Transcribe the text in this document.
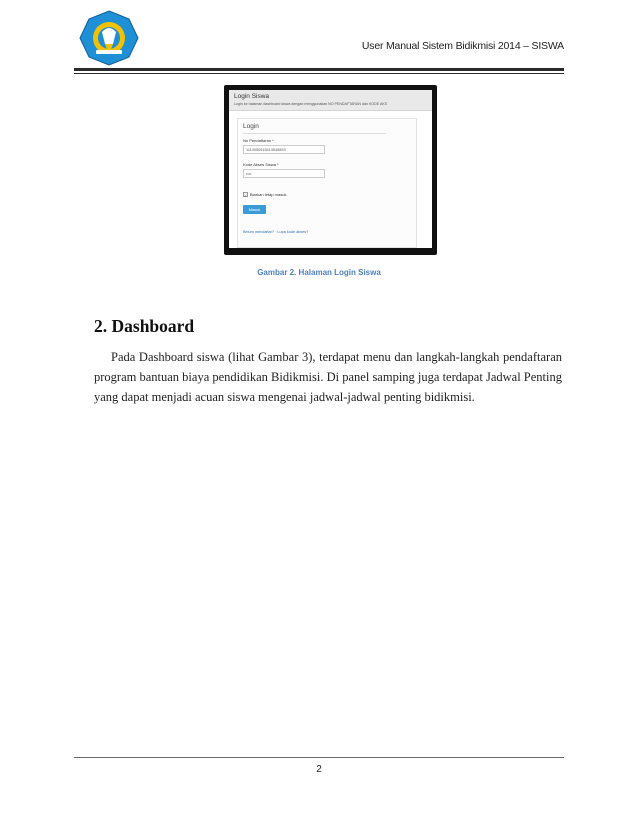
User Manual Sistem Bidikmisi 2014 – SISWA
Login Siswa
Login ke halaman dashboard siswa dengan menggunakan NO PENDAFTARAN dan KODE AKS
Login
No Pendaftaran *
1114050915413545853
Kode Akses Siswa *
••••
✓ Biarkan tetap masuk
Masuk
Belum mendaftar? · Lupa kode akses?
Gambar 2. Halaman Login Siswa
2. Dashboard
Pada Dashboard siswa (lihat Gambar 3), terdapat menu dan langkah-langkah pendaftaran program bantuan biaya pendidikan Bidikmisi. Di panel samping juga terdapat Jadwal Penting yang dapat menjadi acuan siswa mengenai jadwal-jadwal penting bidikmisi.
2
